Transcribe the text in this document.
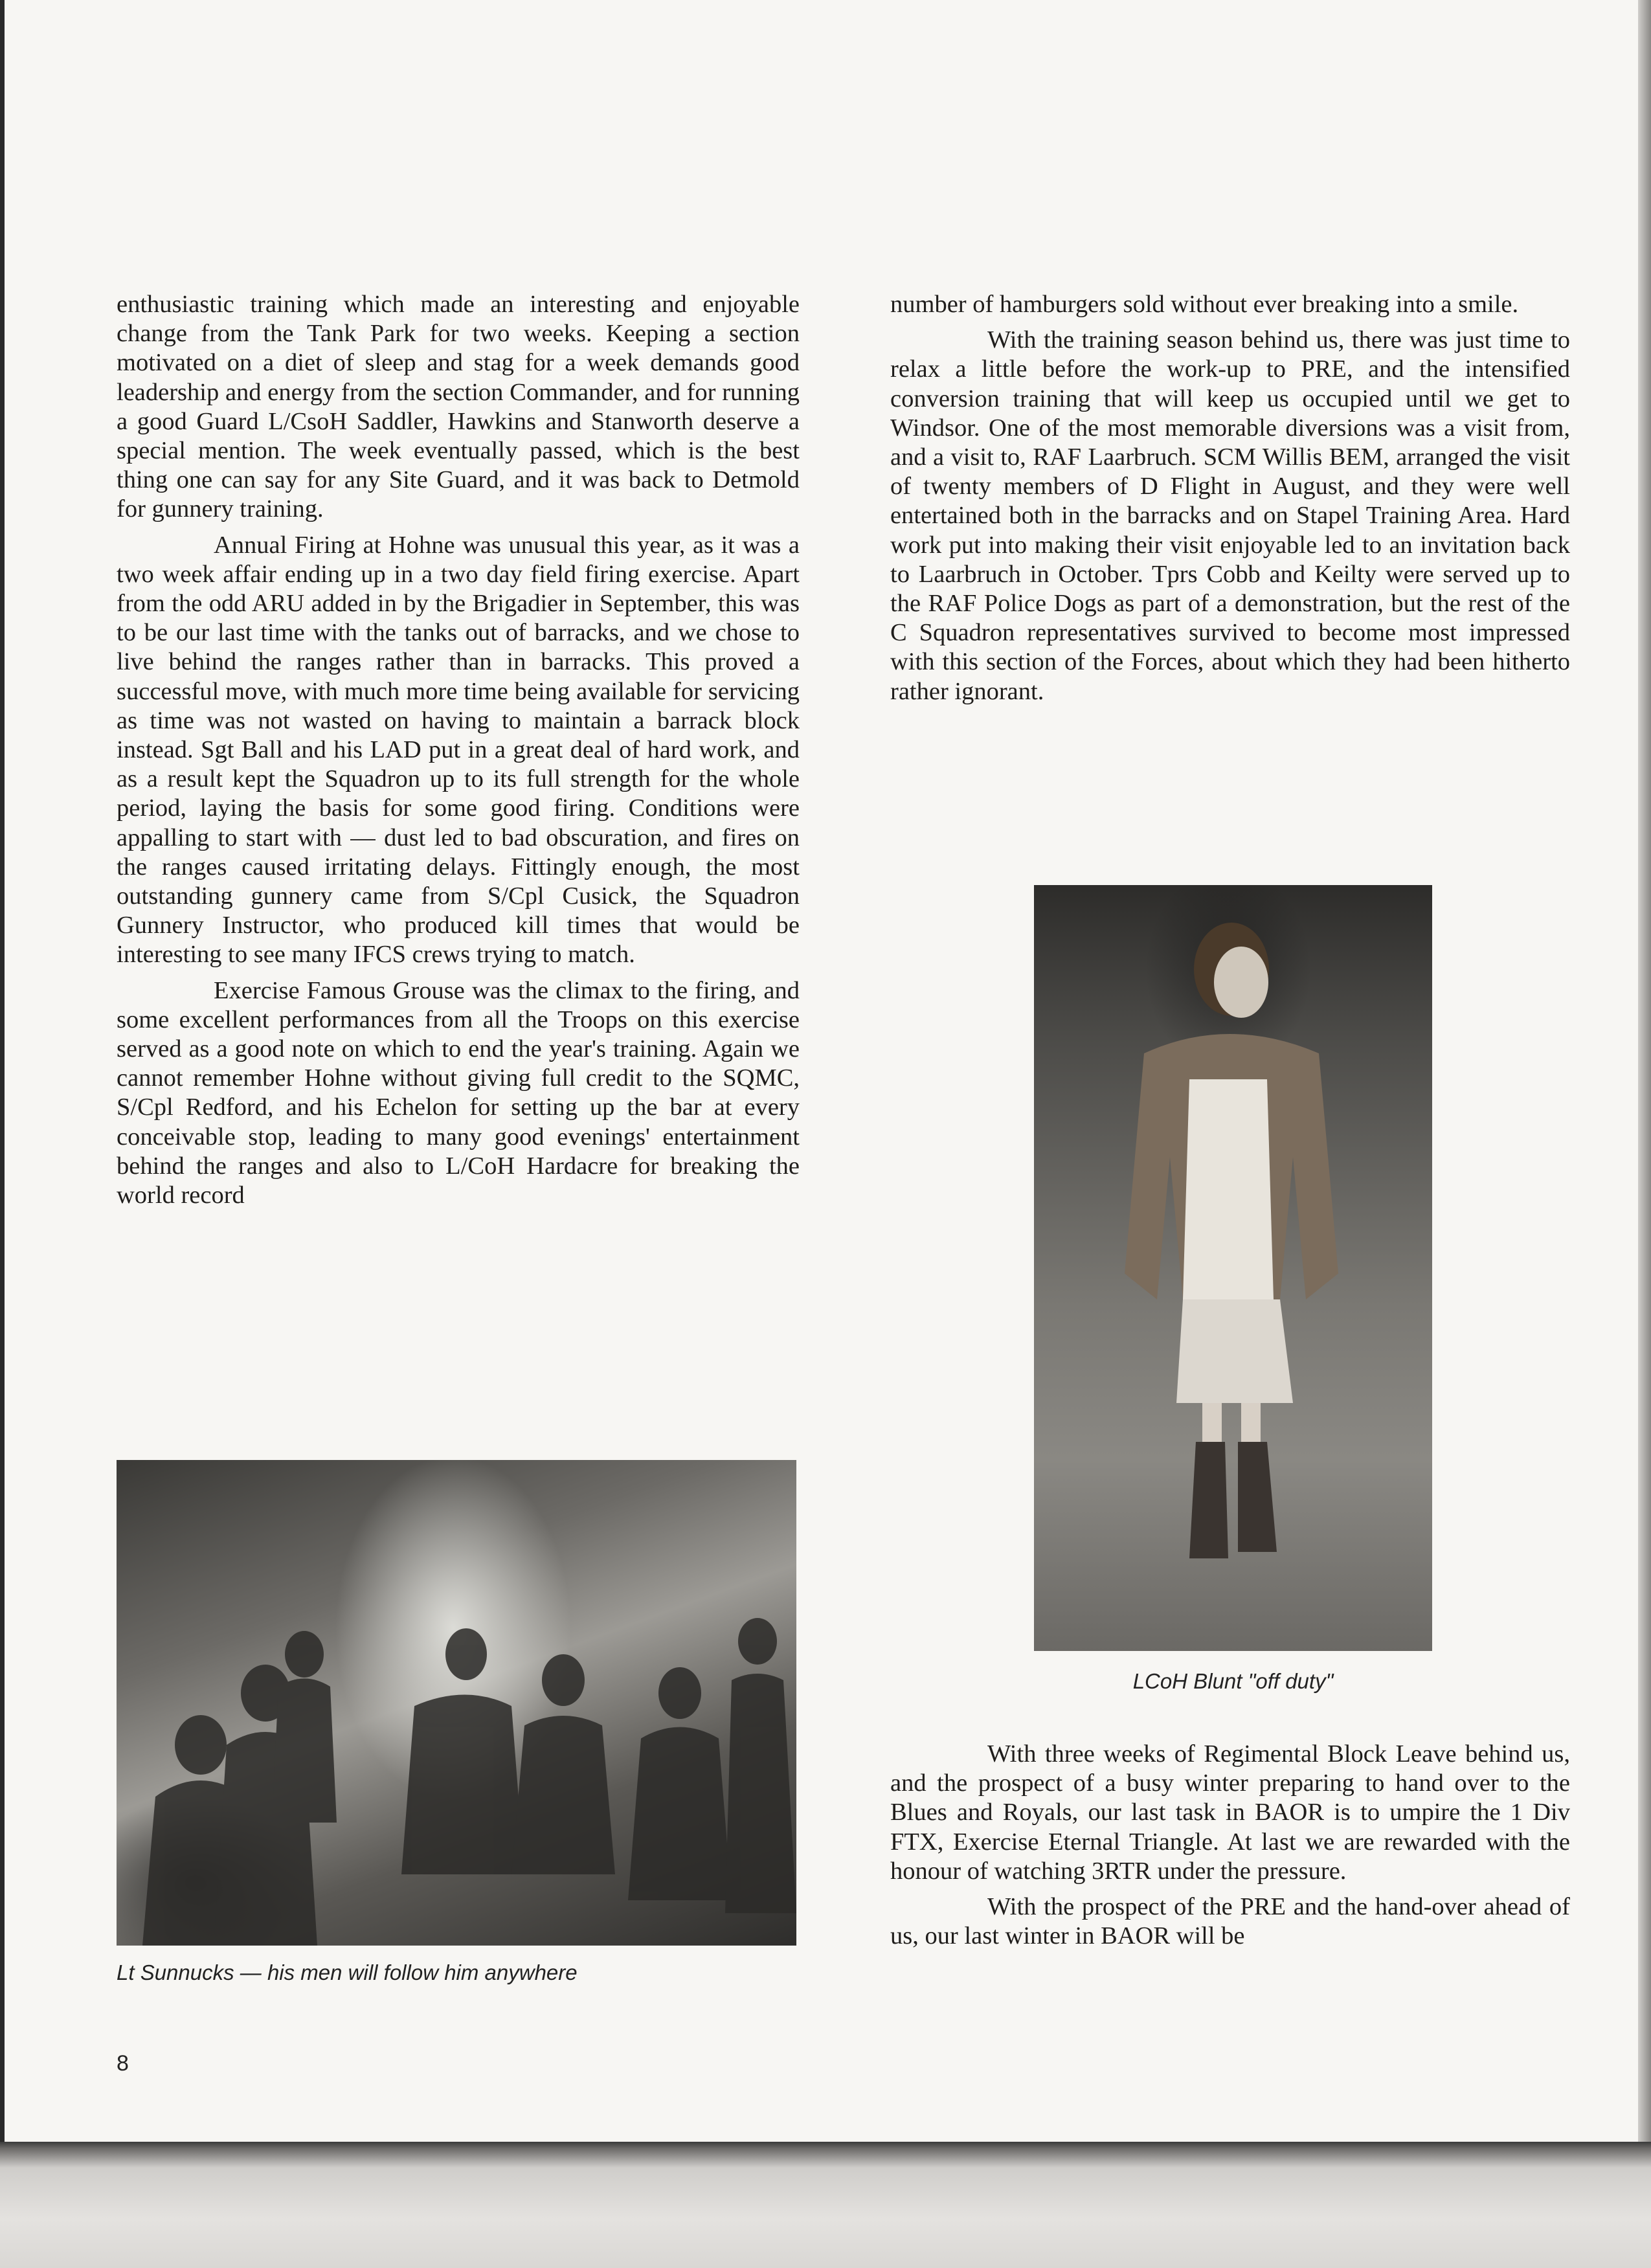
enthusiastic training which made an interesting and enjoyable change from the Tank Park for two weeks. Keeping a section motivated on a diet of sleep and stag for a week demands good leadership and energy from the section Commander, and for running a good Guard L/CsoH Saddler, Hawkins and Stanworth deserve a special mention. The week eventually passed, which is the best thing one can say for any Site Guard, and it was back to Detmold for gunnery training.

Annual Firing at Hohne was unusual this year, as it was a two week affair ending up in a two day field firing exercise. Apart from the odd ARU added in by the Brigadier in September, this was to be our last time with the tanks out of barracks, and we chose to live behind the ranges rather than in barracks. This proved a successful move, with much more time being available for servicing as time was not wasted on having to maintain a barrack block instead. Sgt Ball and his LAD put in a great deal of hard work, and as a result kept the Squadron up to its full strength for the whole period, laying the basis for some good firing. Conditions were appalling to start with — dust led to bad obscuration, and fires on the ranges caused irritating delays. Fittingly enough, the most outstanding gunnery came from S/Cpl Cusick, the Squadron Gunnery Instructor, who produced kill times that would be interesting to see many IFCS crews trying to match.

Exercise Famous Grouse was the climax to the firing, and some excellent performances from all the Troops on this exercise served as a good note on which to end the year's training. Again we cannot remember Hohne without giving full credit to the SQMC, S/Cpl Redford, and his Echelon for setting up the bar at every conceivable stop, leading to many good evenings' entertainment behind the ranges and also to L/CoH Hardacre for breaking the world record

number of hamburgers sold without ever breaking into a smile.

With the training season behind us, there was just time to relax a little before the work-up to PRE, and the intensified conversion training that will keep us occupied until we get to Windsor. One of the most memorable diversions was a visit from, and a visit to, RAF Laarbruch. SCM Willis BEM, arranged the visit of twenty members of D Flight in August, and they were well entertained both in the barracks and on Stapel Training Area. Hard work put into making their visit enjoyable led to an invitation back to Laarbruch in October. Tprs Cobb and Keilty were served up to the RAF Police Dogs as part of a demonstration, but the rest of the C Squadron representatives survived to become most impressed with this section of the Forces, about which they had been hitherto rather ignorant.

Lt Sunnucks — his men will follow him anywhere
LCoH Blunt "off duty"

With three weeks of Regimental Block Leave behind us, and the prospect of a busy winter preparing to hand over to the Blues and Royals, our last task in BAOR is to umpire the 1 Div FTX, Exercise Eternal Triangle. At last we are rewarded with the honour of watching 3RTR under the pressure.

With the prospect of the PRE and the hand-over ahead of us, our last winter in BAOR will be

8
